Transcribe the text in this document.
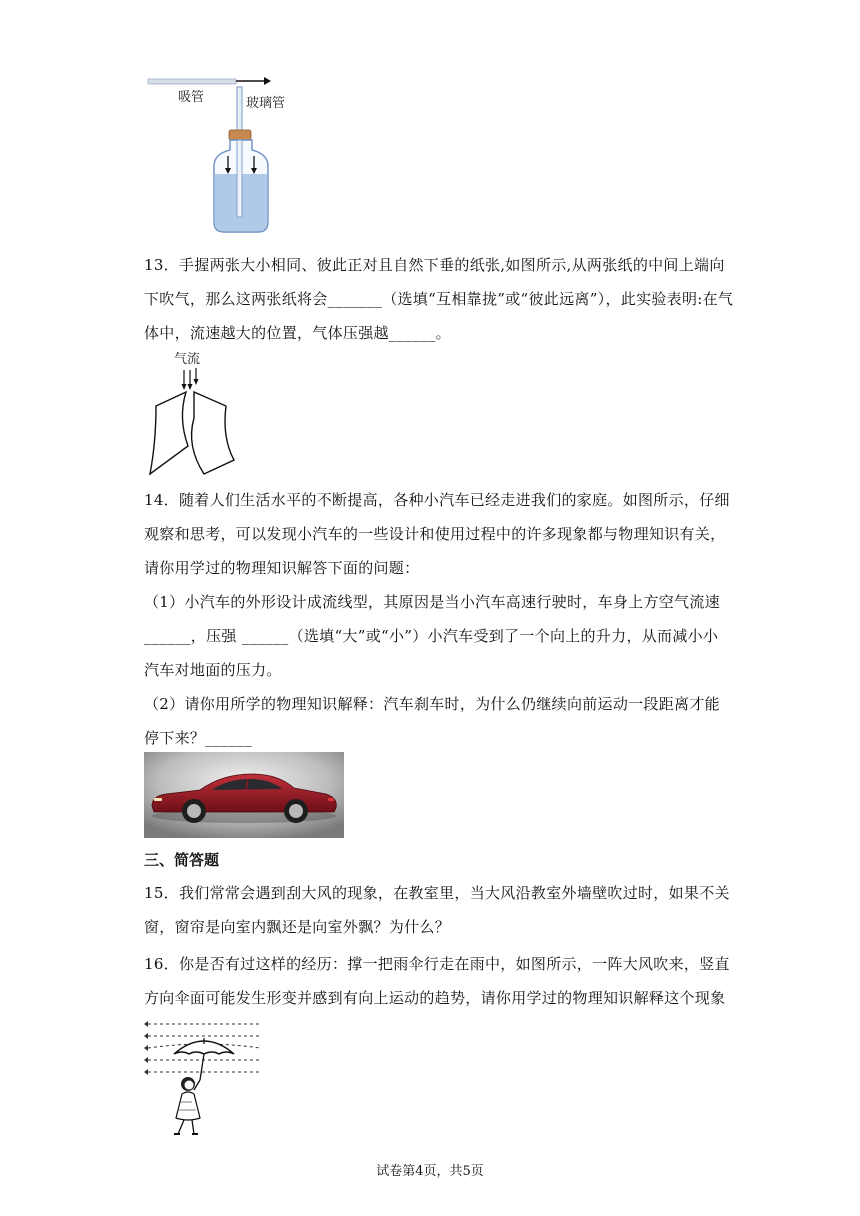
吸管	玻璃管
13．手握两张大小相同、彼此正对且自然下垂的纸张,如图所示,从两张纸的中间上端向
下吹气，那么这两张纸将会_______（选填“互相靠拢”或“彼此远离”），此实验表明:在气
体中，流速越大的位置，气体压强越______。
气流
14．随着人们生活水平的不断提高，各种小汽车已经走进我们的家庭。如图所示，仔细
观察和思考，可以发现小汽车的一些设计和使用过程中的许多现象都与物理知识有关，
请你用学过的物理知识解答下面的问题：
（1）小汽车的外形设计成流线型，其原因是当小汽车高速行驶时，车身上方空气流速
______，压强 ______（选填“大”或“小”）小汽车受到了一个向上的升力，从而减小小
汽车对地面的压力。
（2）请你用所学的物理知识解释：汽车刹车时，为什么仍继续向前运动一段距离才能
停下来？______
三、简答题
15．我们常常会遇到刮大风的现象，在教室里，当大风沿教室外墙壁吹过时，如果不关
窗，窗帘是向室内飘还是向室外飘？为什么？
16．你是否有过这样的经历：撑一把雨伞行走在雨中，如图所示，一阵大风吹来，竖直
方向伞面可能发生形变并感到有向上运动的趋势，请你用学过的物理知识解释这个现象
试卷第4页，共5页
